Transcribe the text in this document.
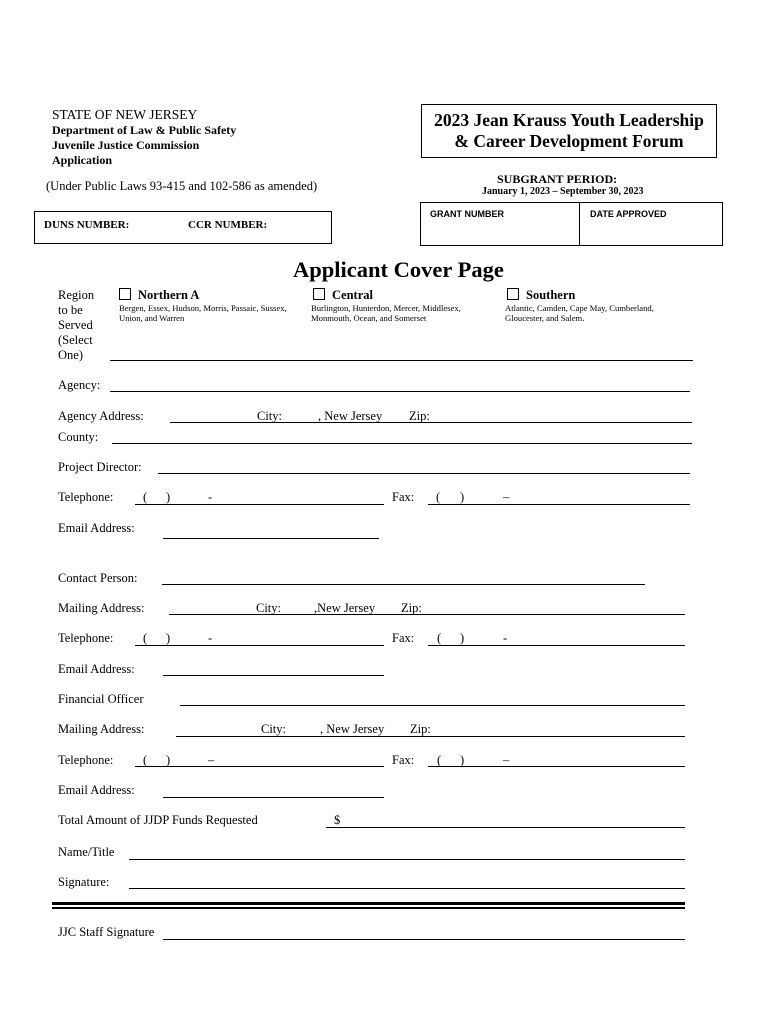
STATE OF NEW JERSEY
Department of Law & Public Safety
Juvenile Justice Commission
Application
(Under Public Laws 93-415 and 102-586 as amended)
2023 Jean Krauss Youth Leadership
& Career Development Forum
SUBGRANT PERIOD:
January 1, 2023 – September 30, 2023
GRANT NUMBER	DATE APPROVED
DUNS NUMBER:	CCR NUMBER:
Applicant Cover Page
Region to be Served (Select One)
Northern A
Bergen, Essex, Hudson, Morris, Passaic, Sussex, Union, and Warren
Central
Burlington, Hunterdon, Mercer, Middlesex, Monmouth, Ocean, and Somerset
Southern
Atlantic, Camden, Cape May, Cumberland, Gloucester, and Salem.
Agency:
Agency Address:	City:	, New Jersey Zip:
County:
Project Director:
Telephone: ( )	-	Fax: ( )	–
Email Address:
Contact Person:
Mailing Address:	City:	,New Jersey Zip:
Telephone: ( )	-	Fax: ( )	-
Email Address:
Financial Officer
Mailing Address:	City:	, New Jersey Zip:
Telephone: ( )	–	Fax: ( )	–
Email Address:
Total Amount of JJDP Funds Requested	$
Name/Title
Signature:
JJC Staff Signature
